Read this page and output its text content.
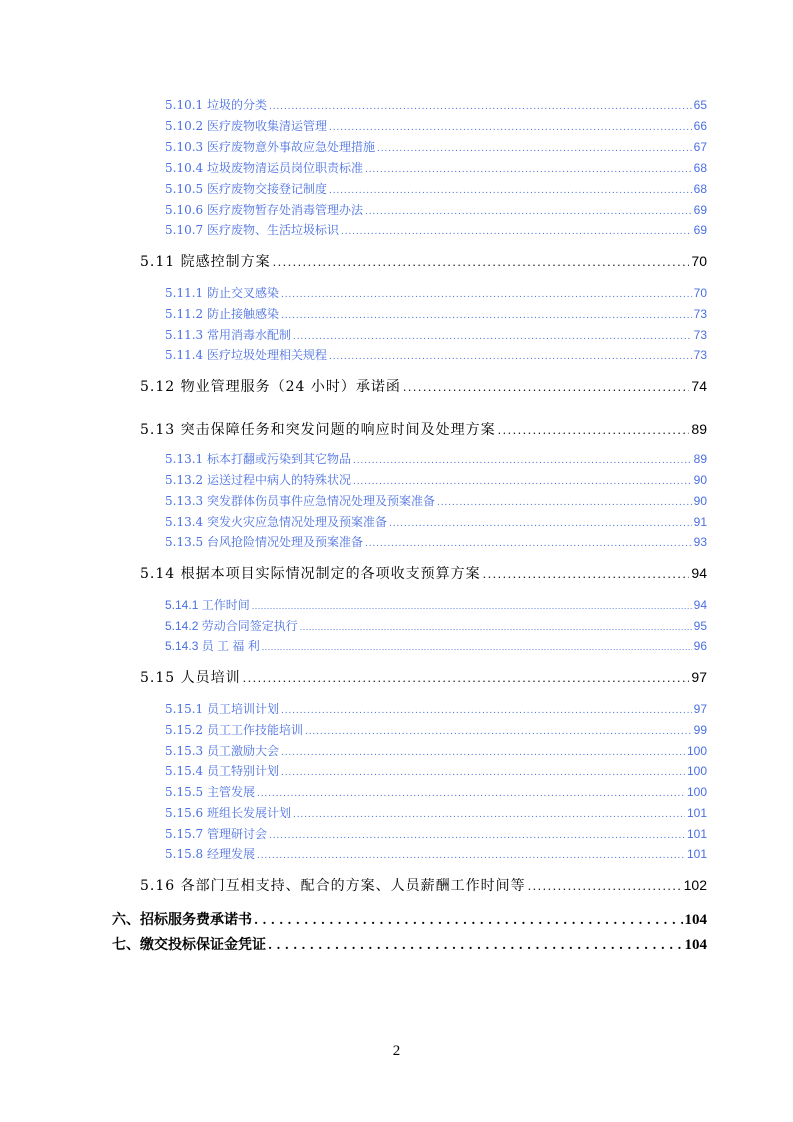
5.10.1 垃圾的分类 . . .	65
5.10.2 医疗废物收集清运管理 . . .	66
5.10.3 医疗废物意外事故应急处理措施 . . .	67
5.10.4 垃圾废物清运员岗位职责标准 . . .	68
5.10.5 医疗废物交接登记制度 . . .	68
5.10.6 医疗废物暂存处消毒管理办法 . . .	69
5.10.7 医疗废物、生活垃圾标识 . . .	69
5.11 院感控制方案 . . .	70
5.11.1 防止交叉感染 . . .	70
5.11.2 防止接触感染 . . .	73
5.11.3 常用消毒水配制 . . .	73
5.11.4 医疗垃圾处理相关规程 . . .	73
5.12 物业管理服务（24 小时）承诺函 . . .	74
5.13 突击保障任务和突发问题的响应时间及处理方案 . . .	89
5.13.1 标本打翻或污染到其它物品 . . .	89
5.13.2 运送过程中病人的特殊状况 . . .	90
5.13.3 突发群体伤员事件应急情况处理及预案准备 . . .	90
5.13.4 突发火灾应急情况处理及预案准备 . . .	91
5.13.5 台风抢险情况处理及预案准备 . . .	93
5.14 根据本项目实际情况制定的各项收支预算方案 . . .	94
5.14.1 工作时间 . . .	94
5.14.2 劳动合同签定执行 . . .	95
5.14.3 员 工 福 利 . . .	96
5.15 人员培训 . . .	97
5.15.1 员工培训计划 . . .	97
5.15.2 员工工作技能培训 . . .	99
5.15.3 员工激励大会 . . .	100
5.15.4 员工特别计划 . . .	100
5.15.5 主管发展 . . .	100
5.15.6 班组长发展计划 . . .	101
5.15.7 管理研讨会 . . .	101
5.15.8 经理发展 . . .	101
5.16 各部门互相支持、配合的方案、人员薪酬工作时间等 . . .	102
六、招标服务费承诺书 . . .	104
七、缴交投标保证金凭证 . . .	104
2
